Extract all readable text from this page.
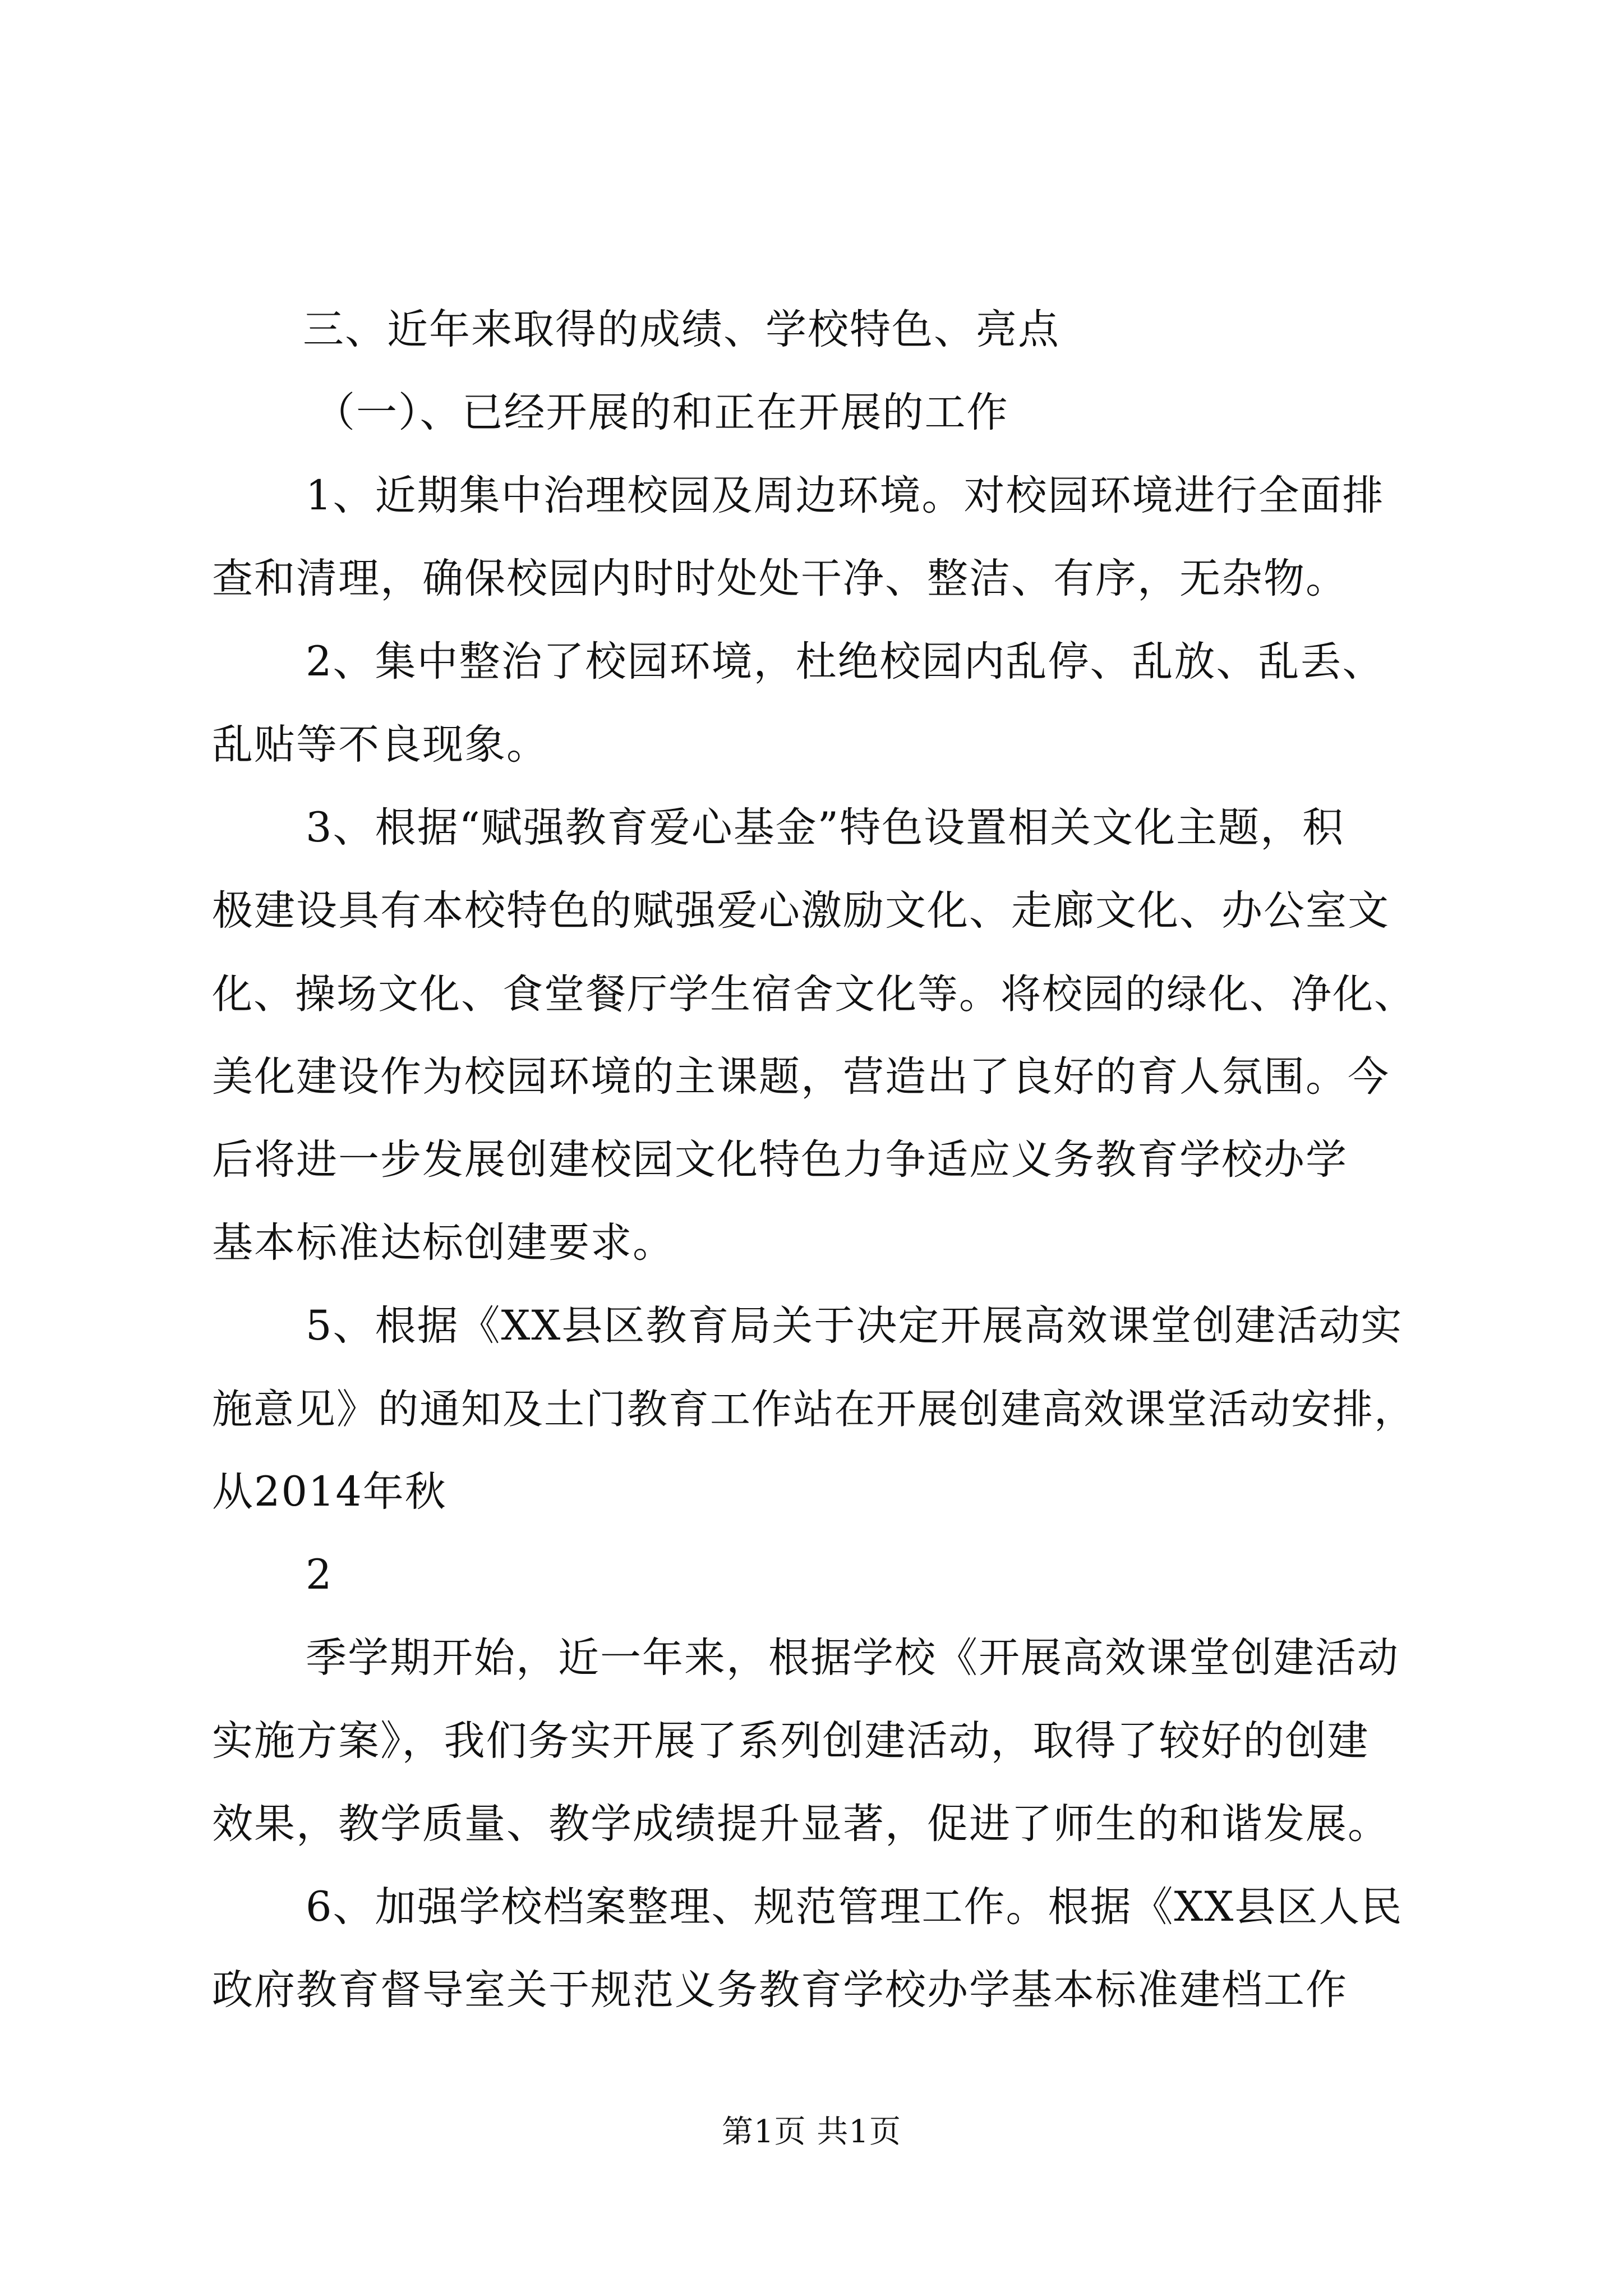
三、近年来取得的成绩、学校特色、亮点

（一）、已经开展的和正在开展的工作

1、近期集中治理校园及周边环境。对校园环境进行全面排

查和清理，确保校园内时时处处干净、整洁、有序，无杂物。

2、集中整治了校园环境，杜绝校园内乱停、乱放、乱丢、

乱贴等不良现象。

3、根据“赋强教育爱心基金”特色设置相关文化主题，积

极建设具有本校特色的赋强爱心激励文化、走廊文化、办公室文

化、操场文化、食堂餐厅学生宿舍文化等。将校园的绿化、净化、

美化建设作为校园环境的主课题，营造出了良好的育人氛围。今

后将进一步发展创建校园文化特色力争适应义务教育学校办学

基本标准达标创建要求。

5、根据《XX县区教育局关于决定开展高效课堂创建活动实

施意见》的通知及土门教育工作站在开展创建高效课堂活动安排，

从2014年秋

2

季学期开始，近一年来，根据学校《开展高效课堂创建活动

实施方案》，我们务实开展了系列创建活动，取得了较好的创建

效果，教学质量、教学成绩提升显著，促进了师生的和谐发展。

6、加强学校档案整理、规范管理工作。根据《XX县区人民

政府教育督导室关于规范义务教育学校办学基本标准建档工作

第1页 共1页
